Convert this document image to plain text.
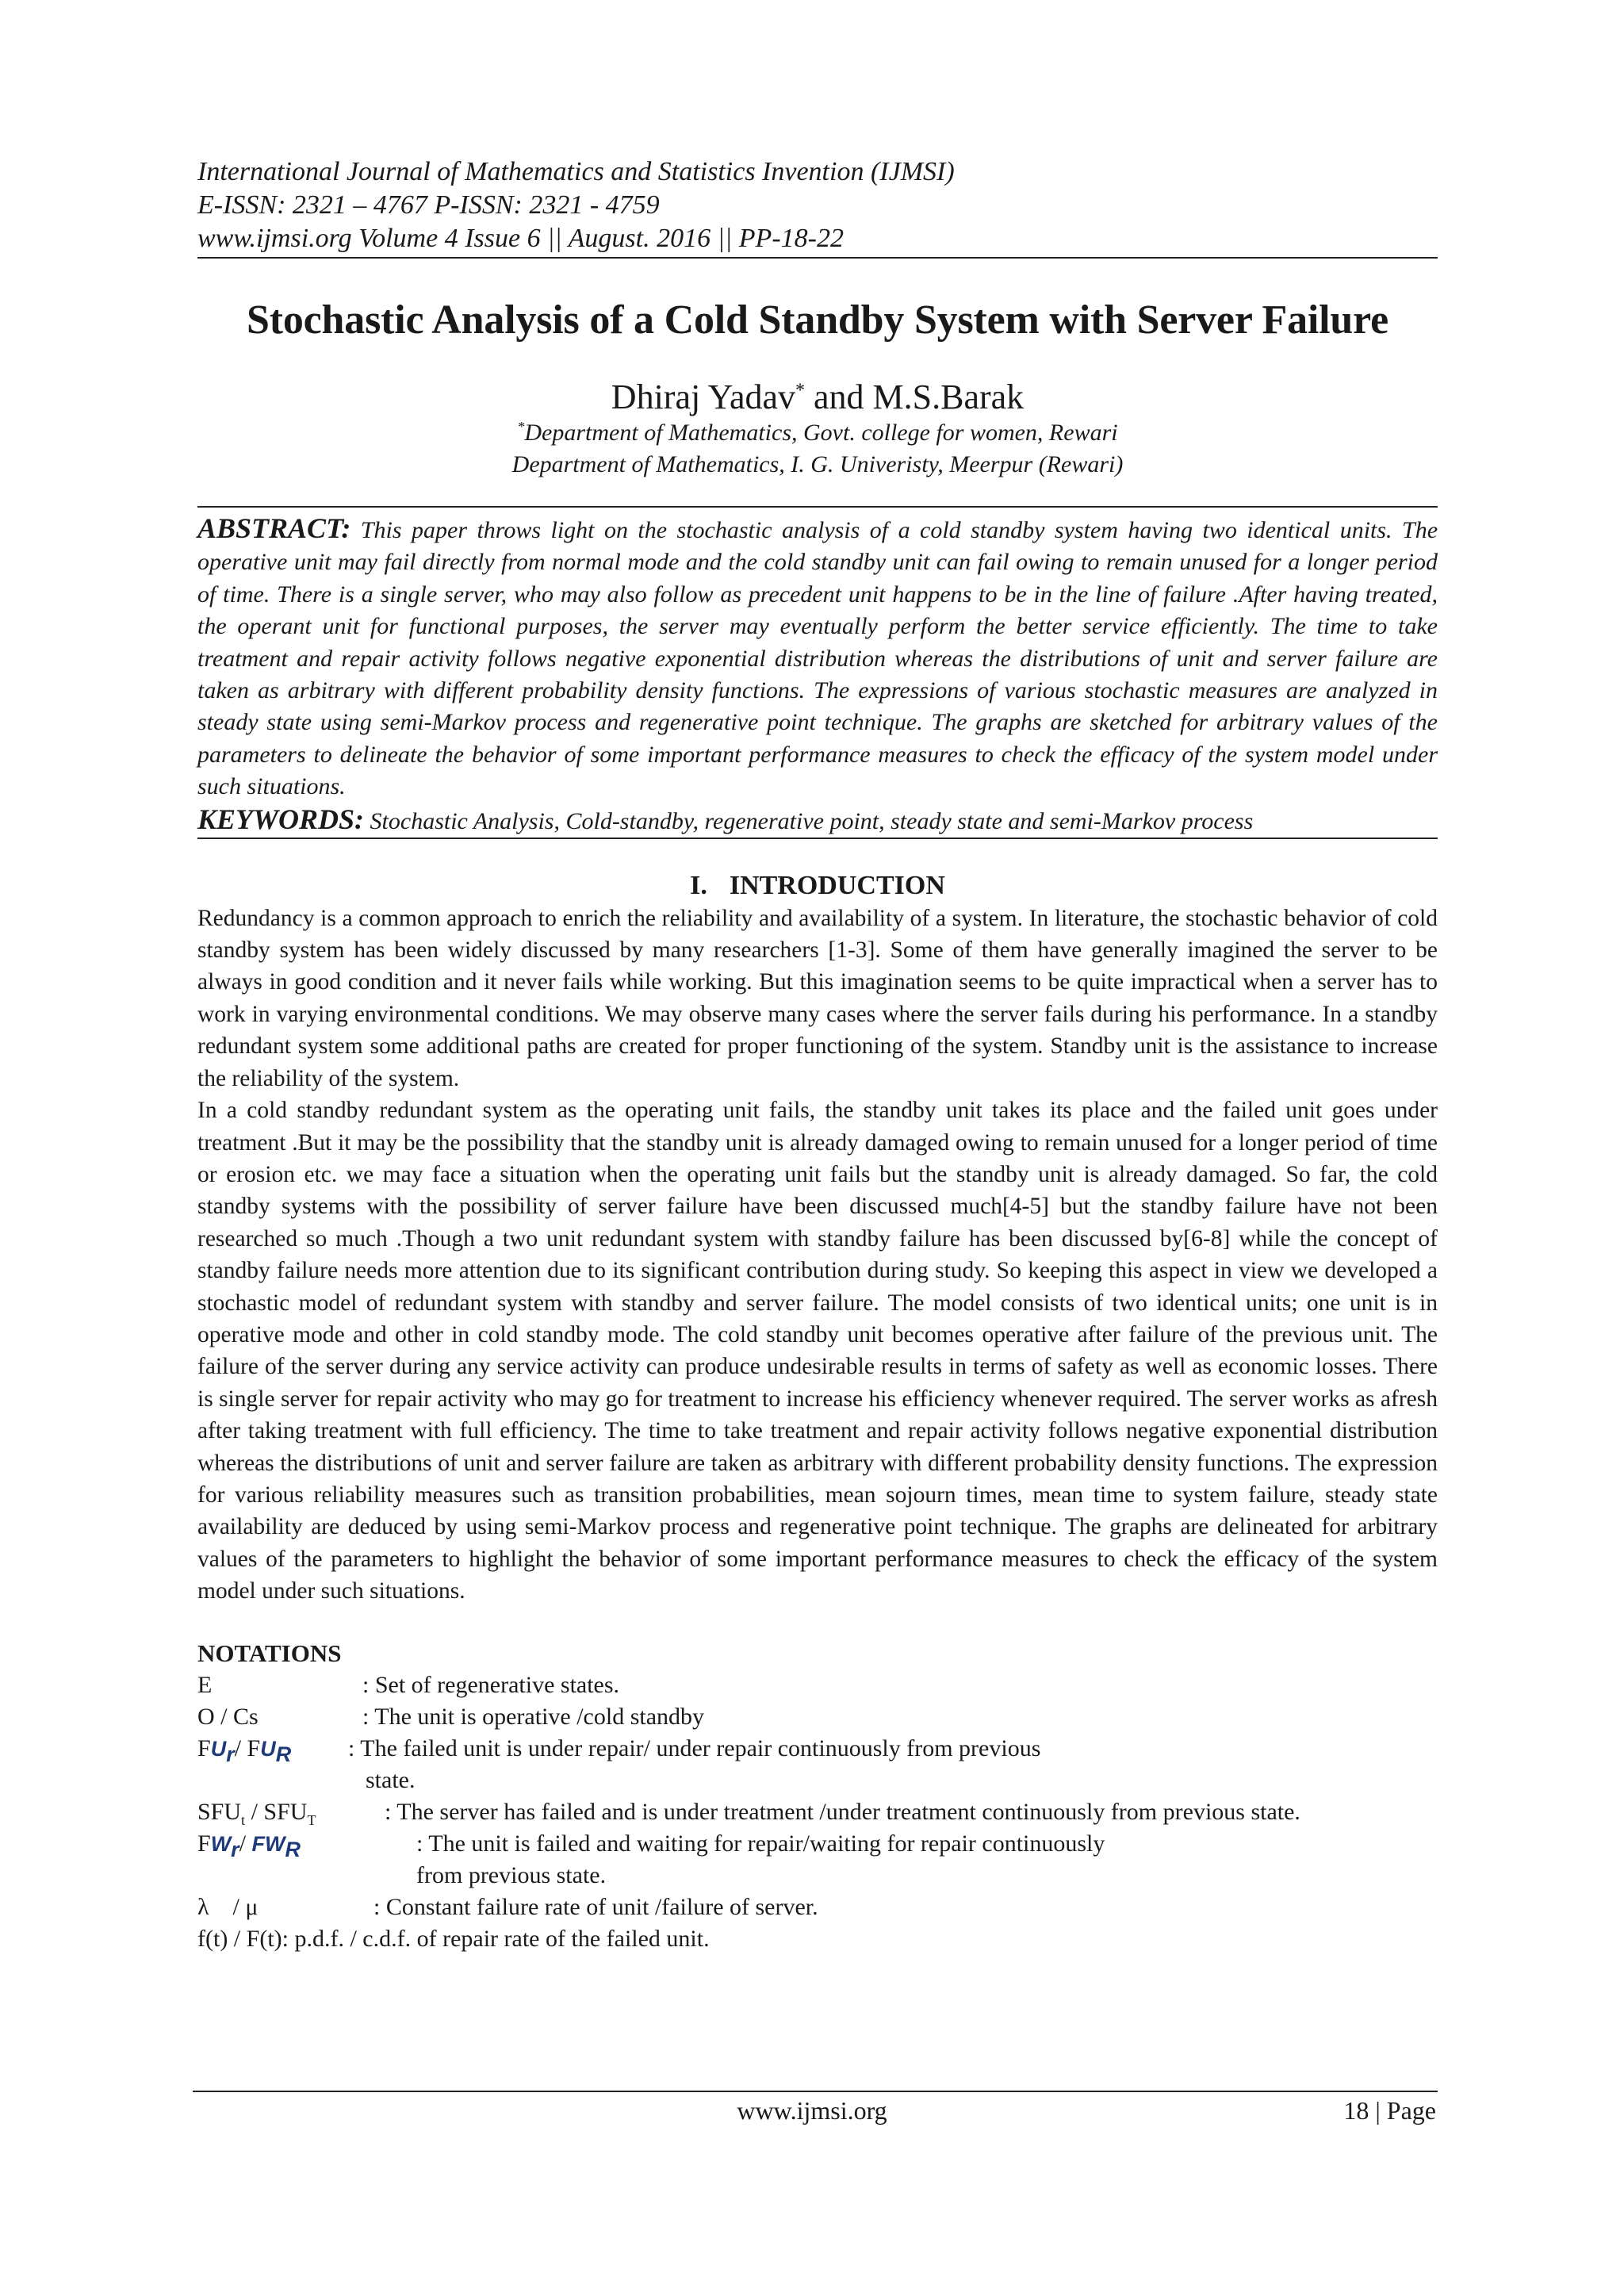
International Journal of Mathematics and Statistics Invention (IJMSI)
E-ISSN: 2321 – 4767 P-ISSN: 2321 - 4759
www.ijmsi.org Volume 4 Issue 6 || August. 2016 || PP-18-22
Stochastic Analysis of a Cold Standby System with Server Failure
Dhiraj Yadav* and M.S.Barak
*Department of Mathematics, Govt. college for women, Rewari
Department of Mathematics, I. G. Univeristy, Meerpur (Rewari)
ABSTRACT: This paper throws light on the stochastic analysis of a cold standby system having two identical units. The operative unit may fail directly from normal mode and the cold standby unit can fail owing to remain unused for a longer period of time. There is a single server, who may also follow as precedent unit happens to be in the line of failure .After having treated, the operant unit for functional purposes, the server may eventually perform the better service efficiently. The time to take treatment and repair activity follows negative exponential distribution whereas the distributions of unit and server failure are taken as arbitrary with different probability density functions. The expressions of various stochastic measures are analyzed in steady state using semi-Markov process and regenerative point technique. The graphs are sketched for arbitrary values of the parameters to delineate the behavior of some important performance measures to check the efficacy of the system model under such situations.
KEYWORDS: Stochastic Analysis, Cold-standby, regenerative point, steady state and semi-Markov process
I. INTRODUCTION

Redundancy is a common approach to enrich the reliability and availability of a system. In literature, the stochastic behavior of cold standby system has been widely discussed by many researchers [1-3]. Some of them have generally imagined the server to be always in good condition and it never fails while working. But this imagination seems to be quite impractical when a server has to work in varying environmental conditions. We may observe many cases where the server fails during his performance. In a standby redundant system some additional paths are created for proper functioning of the system. Standby unit is the assistance to increase the reliability of the system.

In a cold standby redundant system as the operating unit fails, the standby unit takes its place and the failed unit goes under treatment .But it may be the possibility that the standby unit is already damaged owing to remain unused for a longer period of time or erosion etc. we may face a situation when the operating unit fails but the standby unit is already damaged. So far, the cold standby systems with the possibility of server failure have been discussed much[4-5] but the standby failure have not been researched so much .Though a two unit redundant system with standby failure has been discussed by[6-8] while the concept of standby failure needs more attention due to its significant contribution during study. So keeping this aspect in view we developed a stochastic model of redundant system with standby and server failure. The model consists of two identical units; one unit is in operative mode and other in cold standby mode. The cold standby unit becomes operative after failure of the previous unit. The failure of the server during any service activity can produce undesirable results in terms of safety as well as economic losses. There is single server for repair activity who may go for treatment to increase his efficiency whenever required. The server works as afresh after taking treatment with full efficiency. The time to take treatment and repair activity follows negative exponential distribution whereas the distributions of unit and server failure are taken as arbitrary with different probability density functions. The expression for various reliability measures such as transition probabilities, mean sojourn times, mean time to system failure, steady state availability are deduced by using semi-Markov process and regenerative point technique. The graphs are delineated for arbitrary values of the parameters to highlight the behavior of some important performance measures to check the efficacy of the system model under such situations.

NOTATIONS
E	: Set of regenerative states.
O / Cs	: The unit is operative /cold standby
$FU_r/$ $FU_R$ : The failed unit is under repair/ under repair continuously from previous
state.
$SFU_t / SFU_T$	: The server has failed and is under treatment /under treatment continuously from previous state.
$FW_r/$ $FW_R$	: The unit is failed and waiting for repair/waiting for repair continuously
from previous state.
λ    / μ	: Constant failure rate of unit /failure of server.
f(t) / F(t): p.d.f. / c.d.f. of repair rate of the failed unit.
www.ijmsi.org	18 | Page
